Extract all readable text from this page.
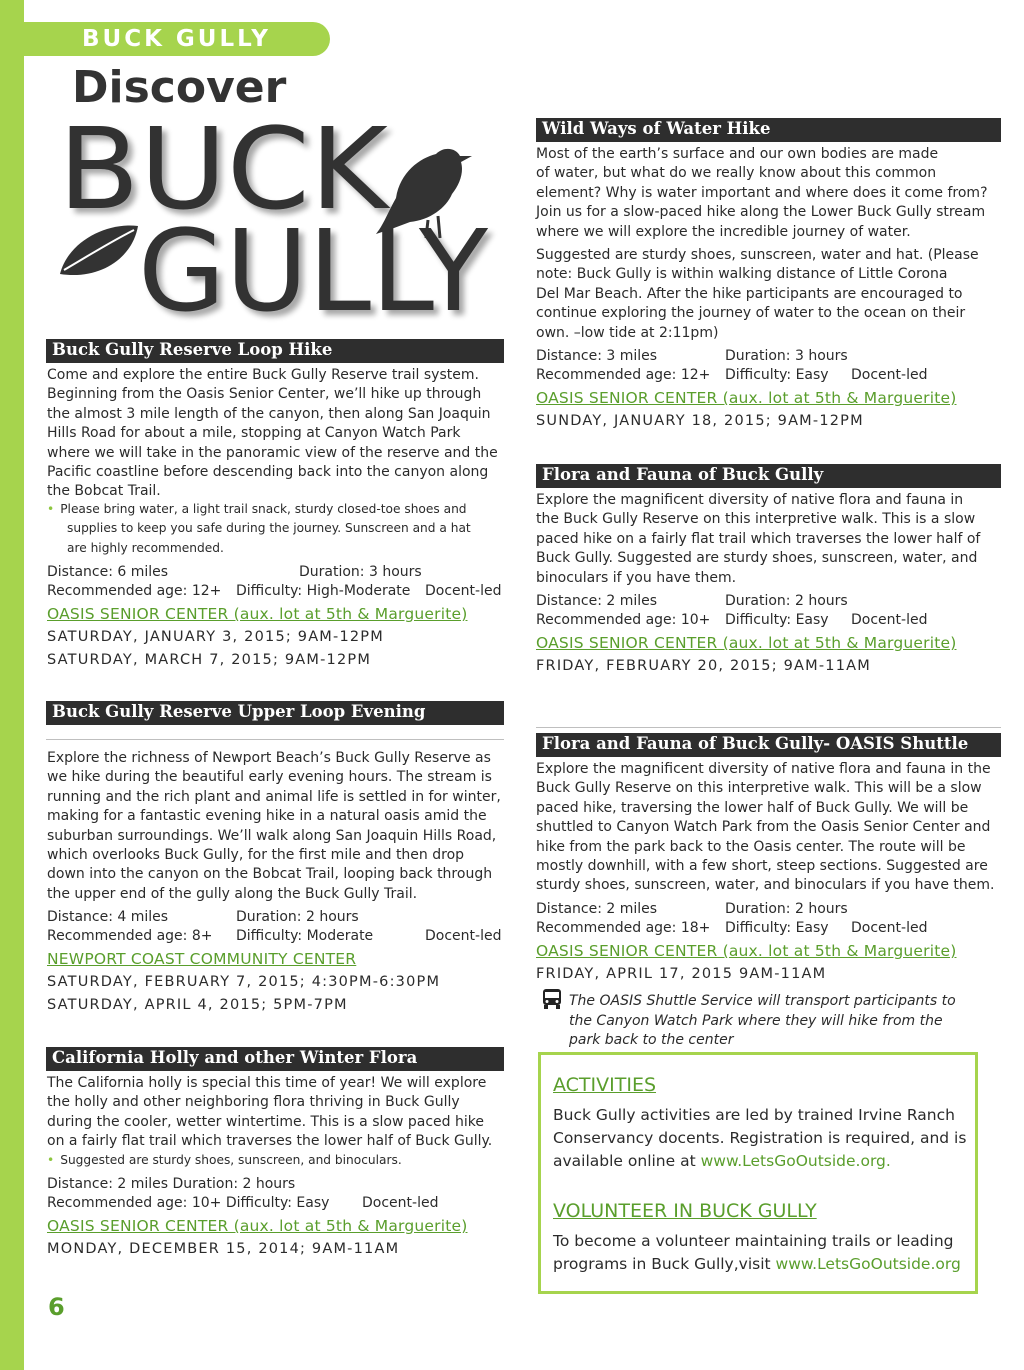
BUCK GULLY
Discover
BUCK
GULLY
Buck Gully Reserve Loop Hike
Come and explore the entire Buck Gully Reserve trail system.
Beginning from the Oasis Senior Center, we’ll hike up through
the almost 3 mile length of the canyon, then along San Joaquin
Hills Road for about a mile, stopping at Canyon Watch Park
where we will take in the panoramic view of the reserve and the
Pacific coastline before descending back into the canyon along
the Bobcat Trail.
• Please bring water, a light trail snack, sturdy closed-toe shoes and
supplies to keep you safe during the journey. Sunscreen and a hat
are highly recommended.
Distance: 6 miles	Duration: 3 hours
Recommended age: 12+ Difficulty: High-Moderate Docent-led
OASIS SENIOR CENTER (aux. lot at 5th & Marguerite)
SATURDAY, JANUARY 3, 2015; 9AM-12PM
SATURDAY, MARCH 7, 2015; 9AM-12PM
Buck Gully Reserve Upper Loop Evening
Explore the richness of Newport Beach’s Buck Gully Reserve as
we hike during the beautiful early evening hours. The stream is
running and the rich plant and animal life is settled in for winter,
making for a fantastic evening hike in a natural oasis amid the
suburban surroundings. We’ll walk along San Joaquin Hills Road,
which overlooks Buck Gully, for the first mile and then drop
down into the canyon on the Bobcat Trail, looping back through
the upper end of the gully along the Buck Gully Trail.
Distance: 4 miles	Duration: 2 hours
Recommended age: 8+ Difficulty: Moderate	Docent-led
NEWPORT COAST COMMUNITY CENTER
SATURDAY, FEBRUARY 7, 2015; 4:30PM-6:30PM
SATURDAY, APRIL 4, 2015; 5PM-7PM
California Holly and other Winter Flora
The California holly is special this time of year! We will explore
the holly and other neighboring flora thriving in Buck Gully
during the cooler, wetter wintertime. This is a slow paced hike
on a fairly flat trail which traverses the lower half of Buck Gully.
• Suggested are sturdy shoes, sunscreen, and binoculars.
Distance: 2 miles Duration: 2 hours
Recommended age: 10+ Difficulty: Easy Docent-led
OASIS SENIOR CENTER (aux. lot at 5th & Marguerite)
MONDAY, DECEMBER 15, 2014; 9AM-11AM
Wild Ways of Water Hike
Most of the earth’s surface and our own bodies are made
of water, but what do we really know about this common
element? Why is water important and where does it come from?
Join us for a slow-paced hike along the Lower Buck Gully stream
where we will explore the incredible journey of water.
Suggested are sturdy shoes, sunscreen, water and hat. (Please
note: Buck Gully is within walking distance of Little Corona
Del Mar Beach. After the hike participants are encouraged to
continue exploring the journey of water to the ocean on their
own. –low tide at 2:11pm)
Distance: 3 miles	Duration: 3 hours
Recommended age: 12+ Difficulty: Easy Docent-led
OASIS SENIOR CENTER (aux. lot at 5th & Marguerite)
SUNDAY, JANUARY 18, 2015; 9AM-12PM
Flora and Fauna of Buck Gully
Explore the magnificent diversity of native flora and fauna in
the Buck Gully Reserve on this interpretive walk. This is a slow
paced hike on a fairly flat trail which traverses the lower half of
Buck Gully. Suggested are sturdy shoes, sunscreen, water, and
binoculars if you have them.
Distance: 2 miles	Duration: 2 hours
Recommended age: 10+ Difficulty: Easy Docent-led
OASIS SENIOR CENTER (aux. lot at 5th & Marguerite)
FRIDAY, FEBRUARY 20, 2015; 9AM-11AM
Flora and Fauna of Buck Gully- OASIS Shuttle
Explore the magnificent diversity of native flora and fauna in the
Buck Gully Reserve on this interpretive walk. This will be a slow
paced hike, traversing the lower half of Buck Gully. We will be
shuttled to Canyon Watch Park from the Oasis Senior Center and
hike from the park back to the Oasis center. The route will be
mostly downhill, with a few short, steep sections. Suggested are
sturdy shoes, sunscreen, water, and binoculars if you have them.
Distance: 2 miles	Duration: 2 hours
Recommended age: 18+ Difficulty: Easy Docent-led
OASIS SENIOR CENTER (aux. lot at 5th & Marguerite)
FRIDAY, APRIL 17, 2015 9AM-11AM
The OASIS Shuttle Service will transport participants to
the Canyon Watch Park where they will hike from the
park back to the center
ACTIVITIES
Buck Gully activities are led by trained Irvine Ranch
Conservancy docents. Registration is required, and is
available online at www.LetsGoOutside.org.
VOLUNTEER IN BUCK GULLY
To become a volunteer maintaining trails or leading
programs in Buck Gully,visit www.LetsGoOutside.org
6
